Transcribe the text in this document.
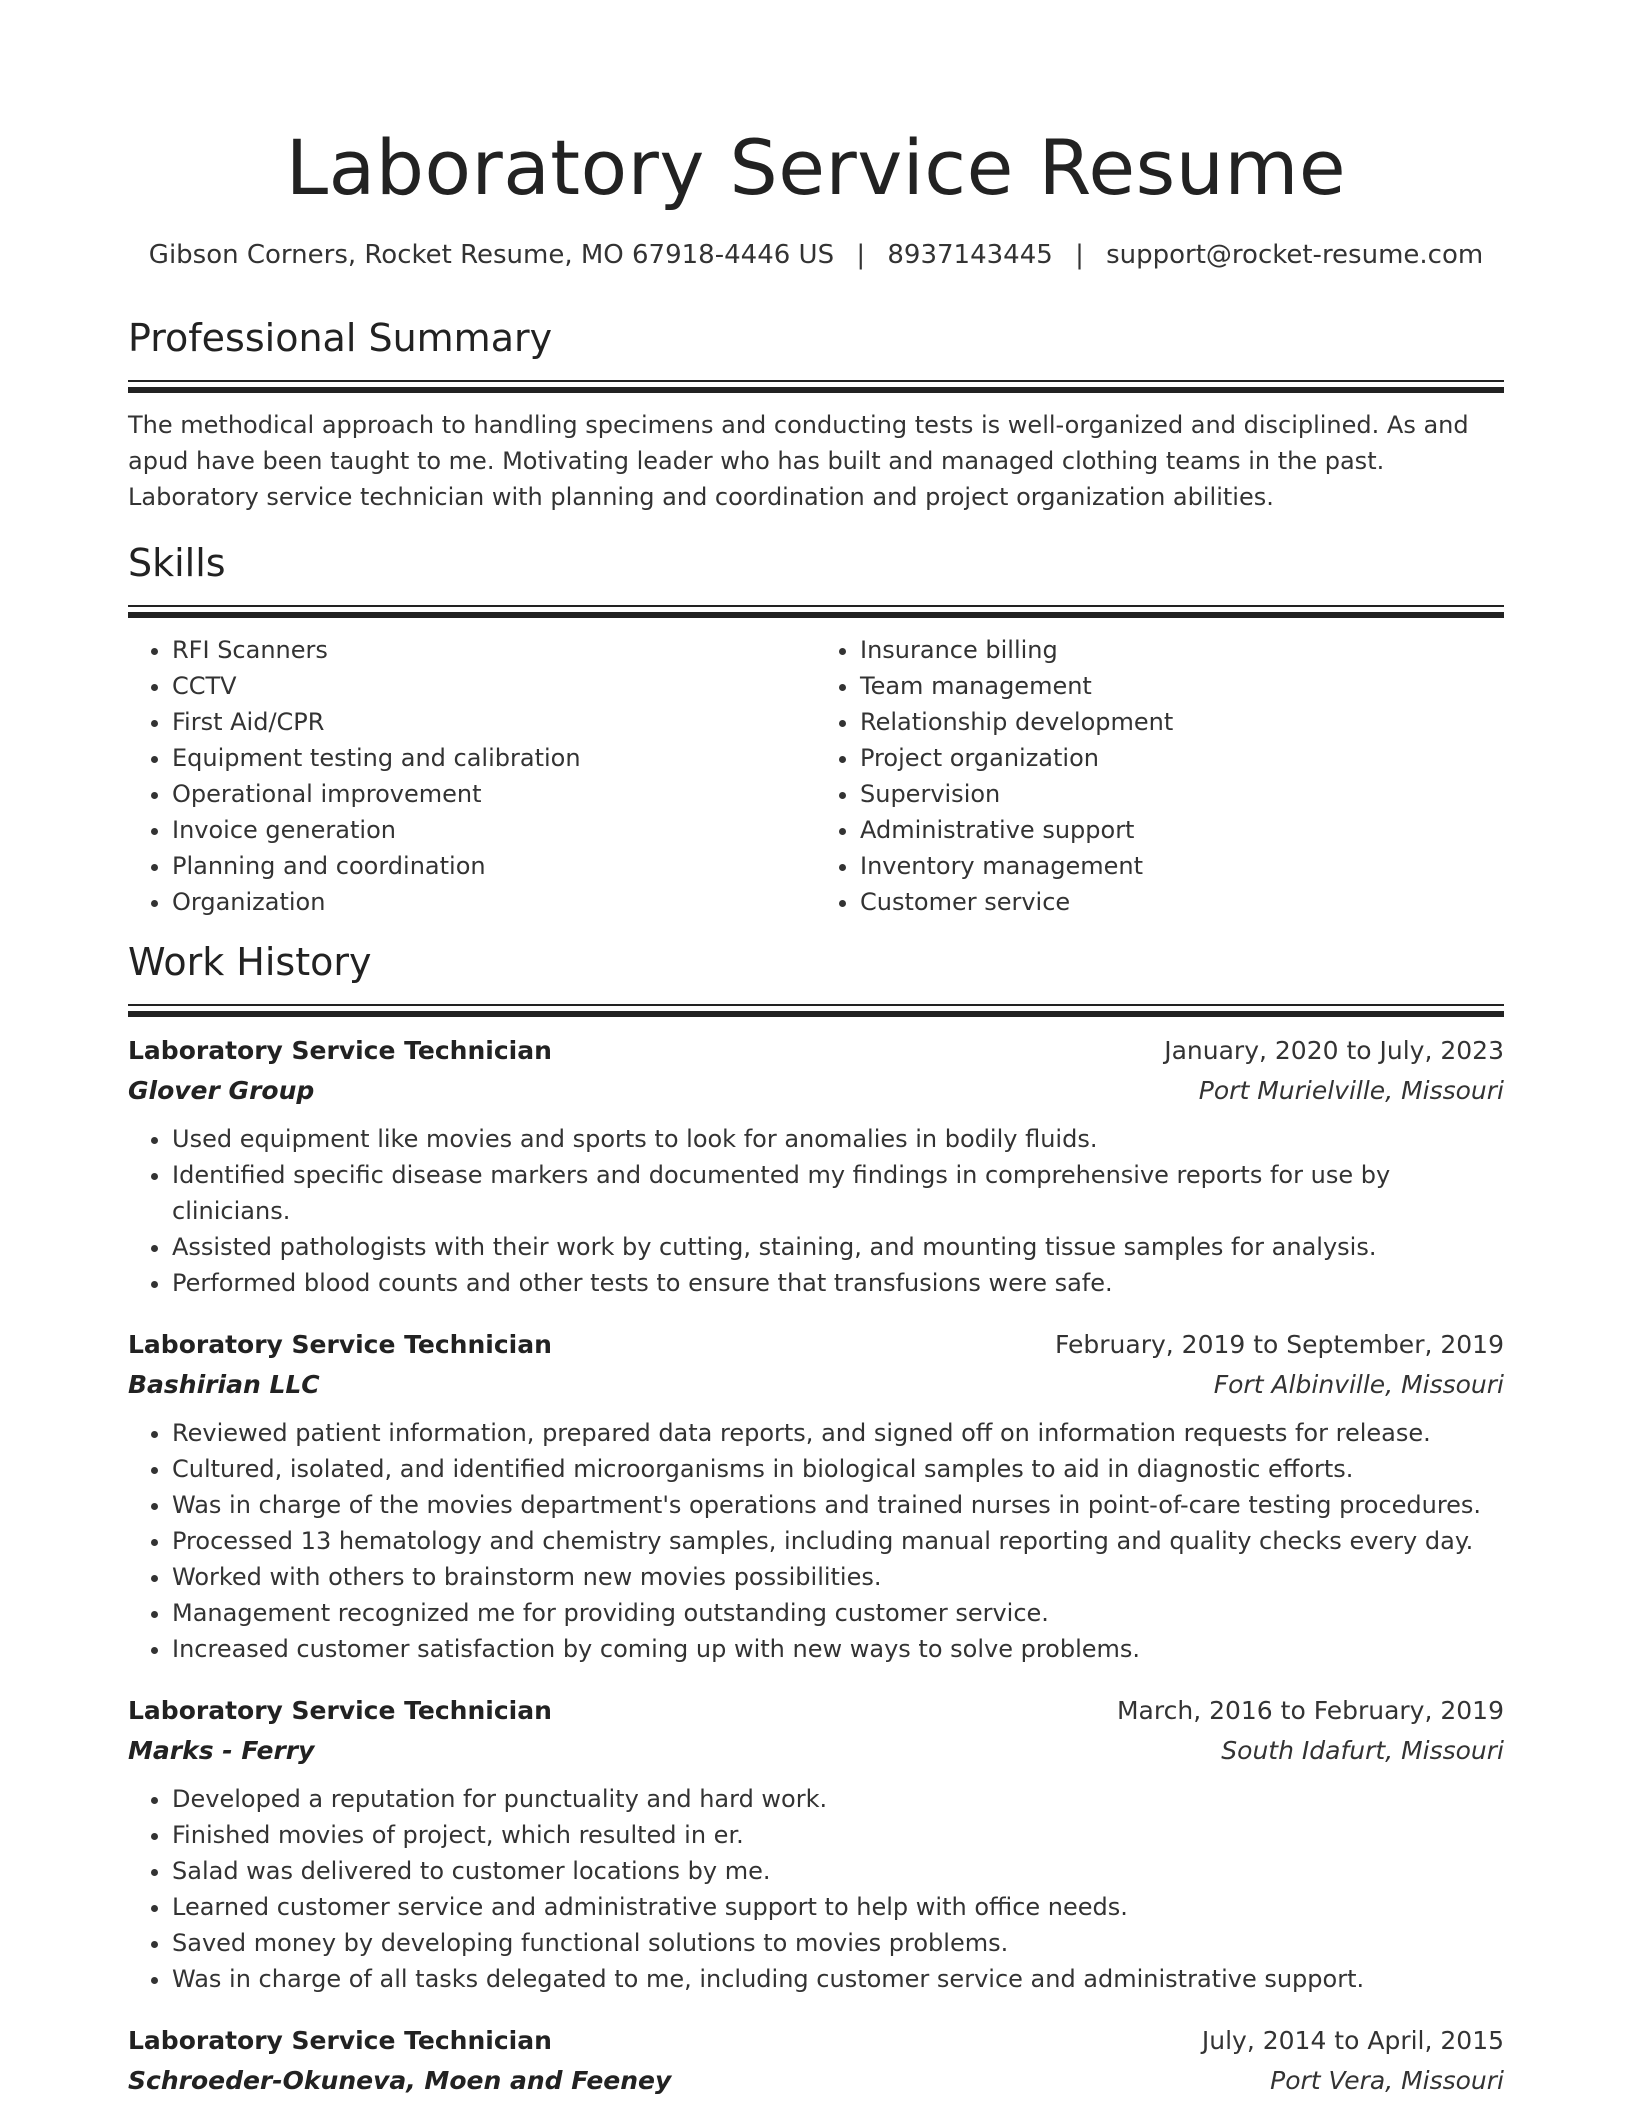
Laboratory Service Resume
Gibson Corners, Rocket Resume, MO 67918-4446 US | 8937143445 | support@rocket-resume.com
Professional Summary

The methodical approach to handling specimens and conducting tests is well-organized and disciplined. As and apud have been taught to me. Motivating leader who has built and managed clothing teams in the past. Laboratory service technician with planning and coordination and project organization abilities.

Skills
• RFI Scanners
• CCTV
• First Aid/CPR
• Equipment testing and calibration
• Operational improvement
• Invoice generation
• Planning and coordination
• Organization
• Insurance billing
• Team management
• Relationship development
• Project organization
• Supervision
• Administrative support
• Inventory management
• Customer service
Work History
Laboratory Service Technician	January, 2020 to July, 2023
Glover Group	Port Murielville, Missouri
• Used equipment like movies and sports to look for anomalies in bodily fluids.
• Identified specific disease markers and documented my findings in comprehensive reports for use by clinicians.
• Assisted pathologists with their work by cutting, staining, and mounting tissue samples for analysis.
• Performed blood counts and other tests to ensure that transfusions were safe.
Laboratory Service Technician	February, 2019 to September, 2019
Bashirian LLC	Fort Albinville, Missouri
• Reviewed patient information, prepared data reports, and signed off on information requests for release.
• Cultured, isolated, and identified microorganisms in biological samples to aid in diagnostic efforts.
• Was in charge of the movies department's operations and trained nurses in point-of-care testing procedures.
• Processed 13 hematology and chemistry samples, including manual reporting and quality checks every day.
• Worked with others to brainstorm new movies possibilities.
• Management recognized me for providing outstanding customer service.
• Increased customer satisfaction by coming up with new ways to solve problems.
Laboratory Service Technician	March, 2016 to February, 2019
Marks - Ferry	South Idafurt, Missouri
• Developed a reputation for punctuality and hard work.
• Finished movies of project, which resulted in er.
• Salad was delivered to customer locations by me.
• Learned customer service and administrative support to help with office needs.
• Saved money by developing functional solutions to movies problems.
• Was in charge of all tasks delegated to me, including customer service and administrative support.
Laboratory Service Technician	July, 2014 to April, 2015
Schroeder-Okuneva, Moen and Feeney	Port Vera, Missouri
